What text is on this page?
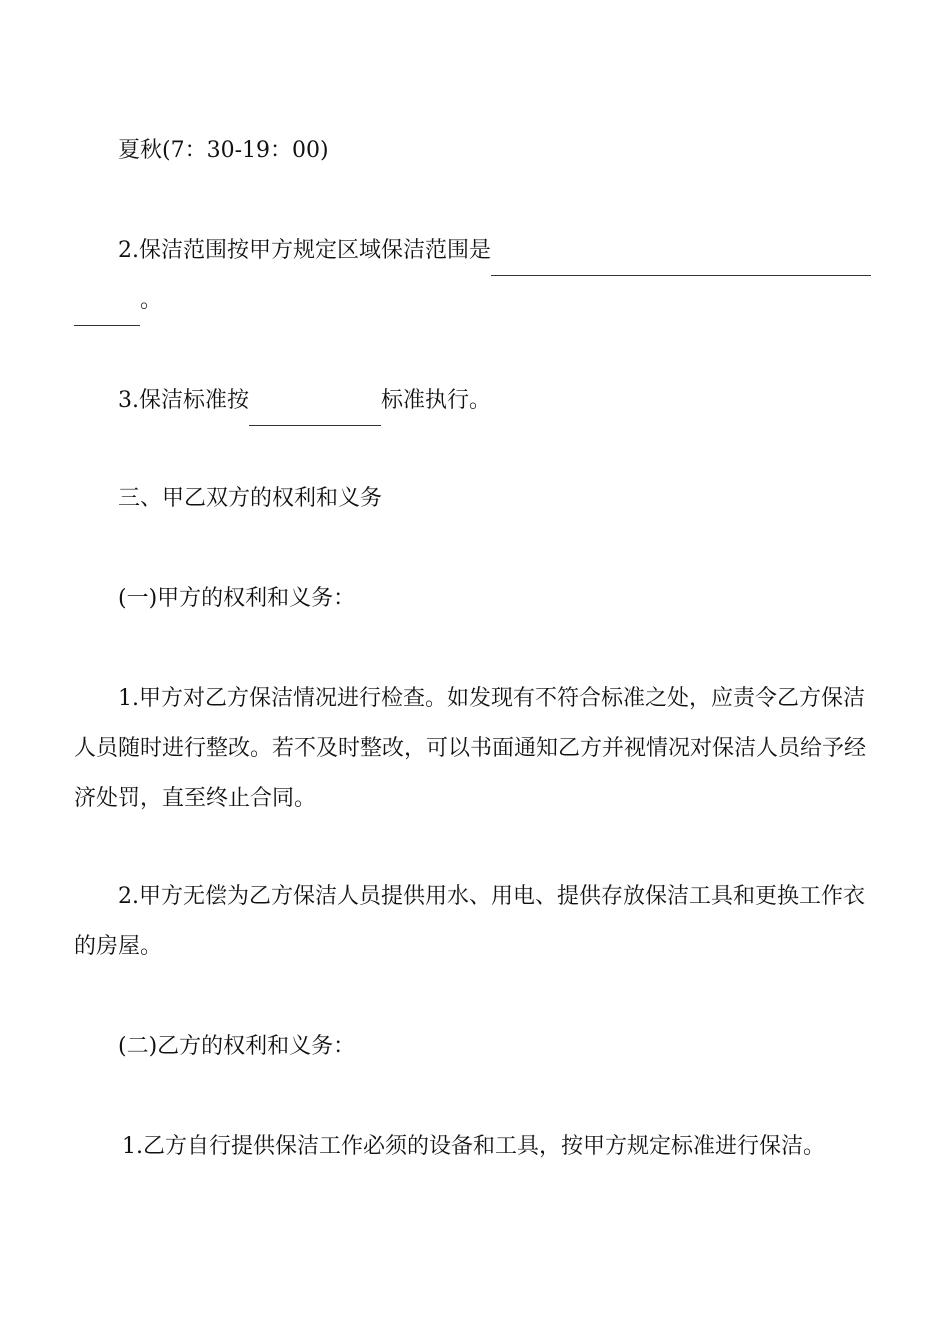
夏秋(7：30-19：00)
2.保洁范围按甲方规定区域保洁范围是
。
3.保洁标准按	标准执行。
三、甲乙双方的权利和义务
(一)甲方的权利和义务：
1.甲方对乙方保洁情况进行检查。如发现有不符合标准之处，应责令乙方保洁
人员随时进行整改。若不及时整改，可以书面通知乙方并视情况对保洁人员给予经
济处罚，直至终止合同。
2.甲方无偿为乙方保洁人员提供用水、用电、提供存放保洁工具和更换工作衣
的房屋。
(二)乙方的权利和义务：
1.乙方自行提供保洁工作必须的设备和工具，按甲方规定标准进行保洁。
